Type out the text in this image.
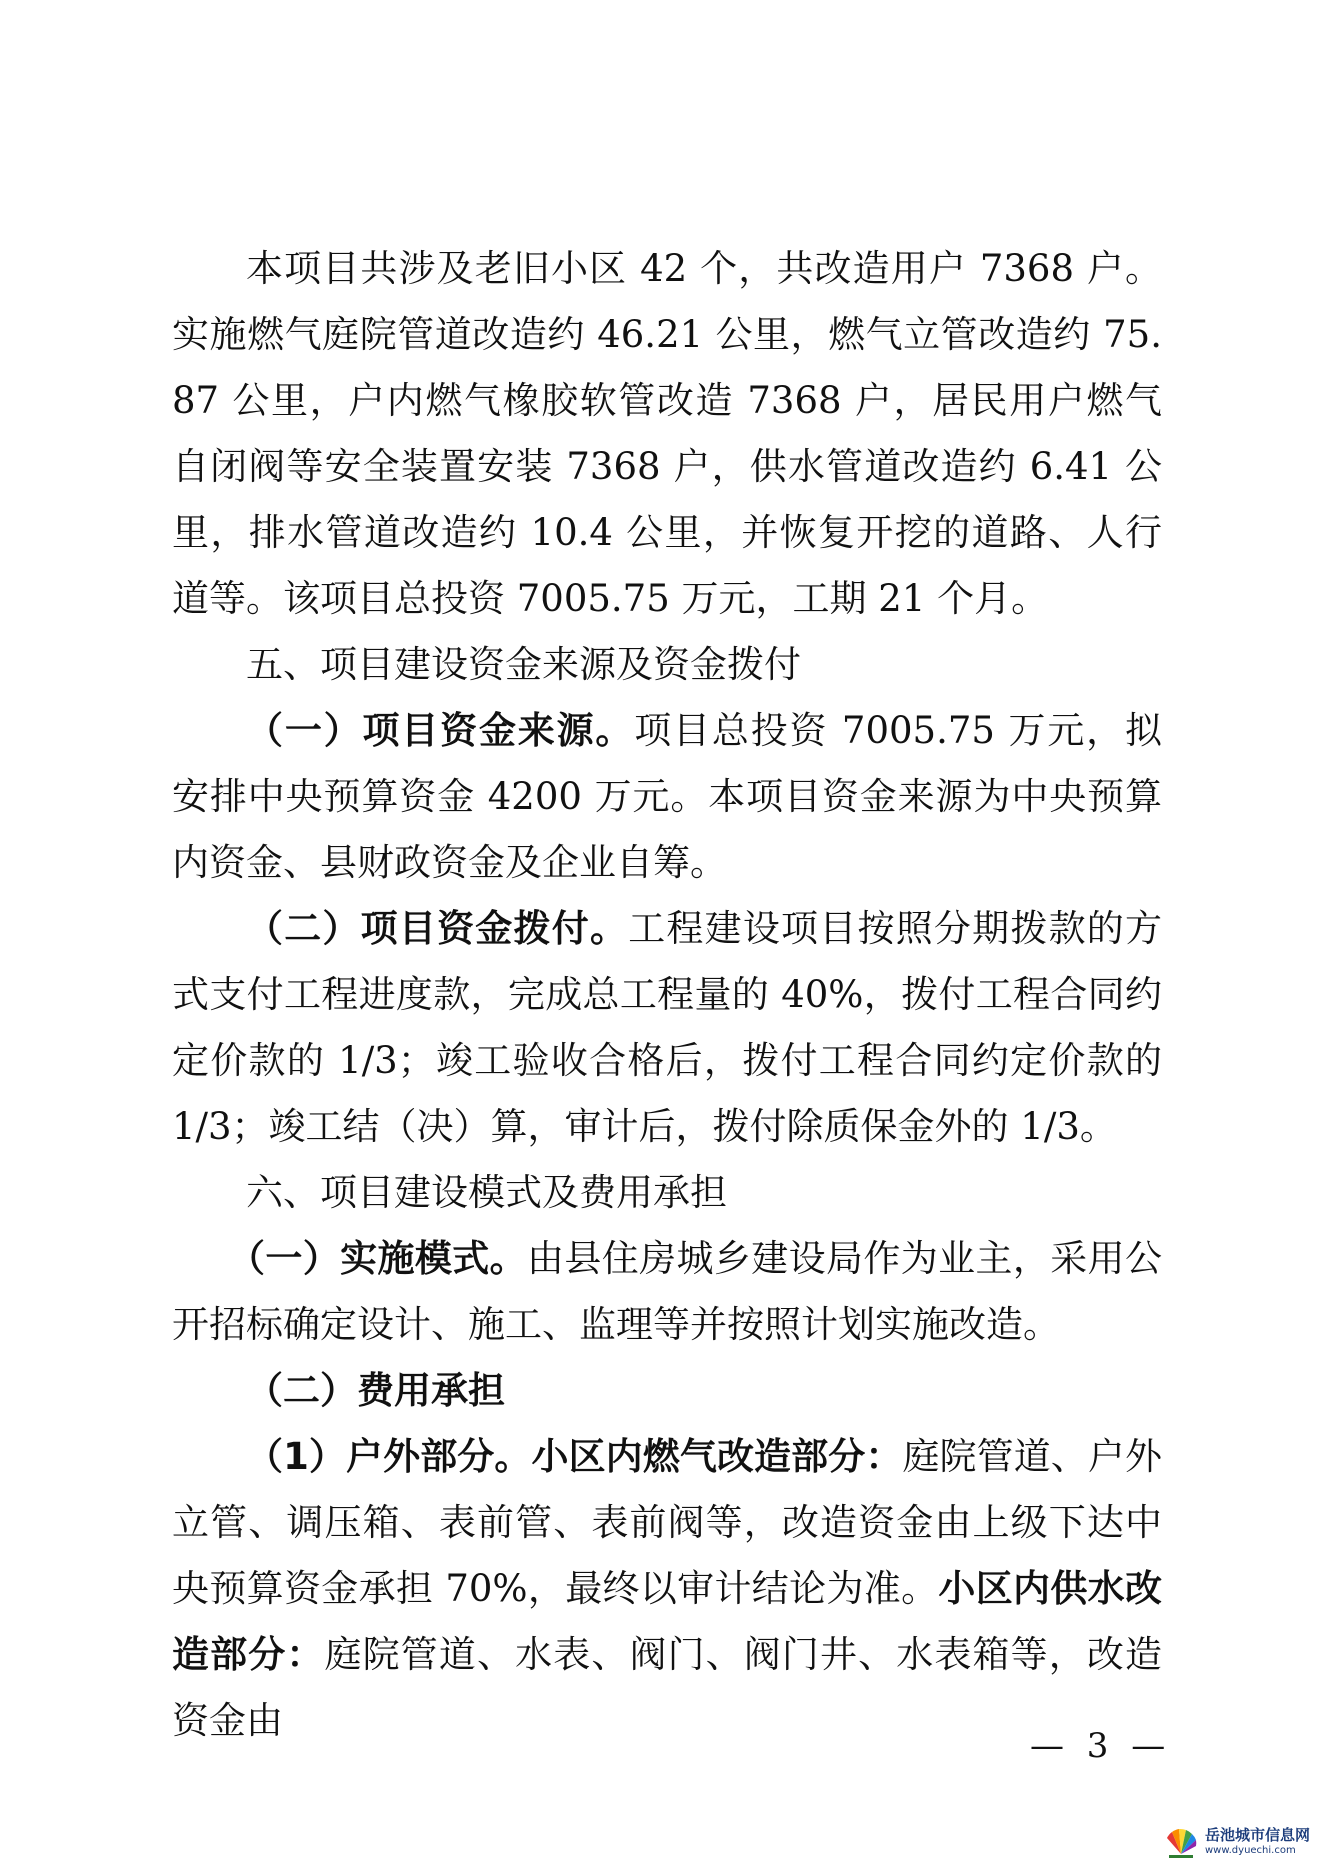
本项目共涉及老旧小区 42 个，共改造用户 7368 户。实施燃气庭院管道改造约 46.21 公里，燃气立管改造约 75.87 公里，户内燃气橡胶软管改造 7368 户，居民用户燃气自闭阀等安全装置安装 7368 户，供水管道改造约 6.41 公里，排水管道改造约 10.4 公里，并恢复开挖的道路、人行道等。该项目总投资 7005.75 万元，工期 21 个月。

五、项目建设资金来源及资金拨付

（一）项目资金来源。项目总投资 7005.75 万元，拟安排中央预算资金 4200 万元。本项目资金来源为中央预算内资金、县财政资金及企业自筹。

（二）项目资金拨付。工程建设项目按照分期拨款的方式支付工程进度款，完成总工程量的 40%，拨付工程合同约定价款的 1/3；竣工验收合格后，拨付工程合同约定价款的 1/3；竣工结（决）算，审计后，拨付除质保金外的 1/3。

六、项目建设模式及费用承担

（一）实施模式。由县住房城乡建设局作为业主，采用公开招标确定设计、施工、监理等并按照计划实施改造。

（二）费用承担

（1）户外部分。小区内燃气改造部分：庭院管道、户外立管、调压箱、表前管、表前阀等，改造资金由上级下达中央预算资金承担 70%，最终以审计结论为准。小区内供水改造部分：庭院管道、水表、阀门、阀门井、水表箱等，改造资金由

— 3 —
岳池城市信息网
www.dyuechi.com
